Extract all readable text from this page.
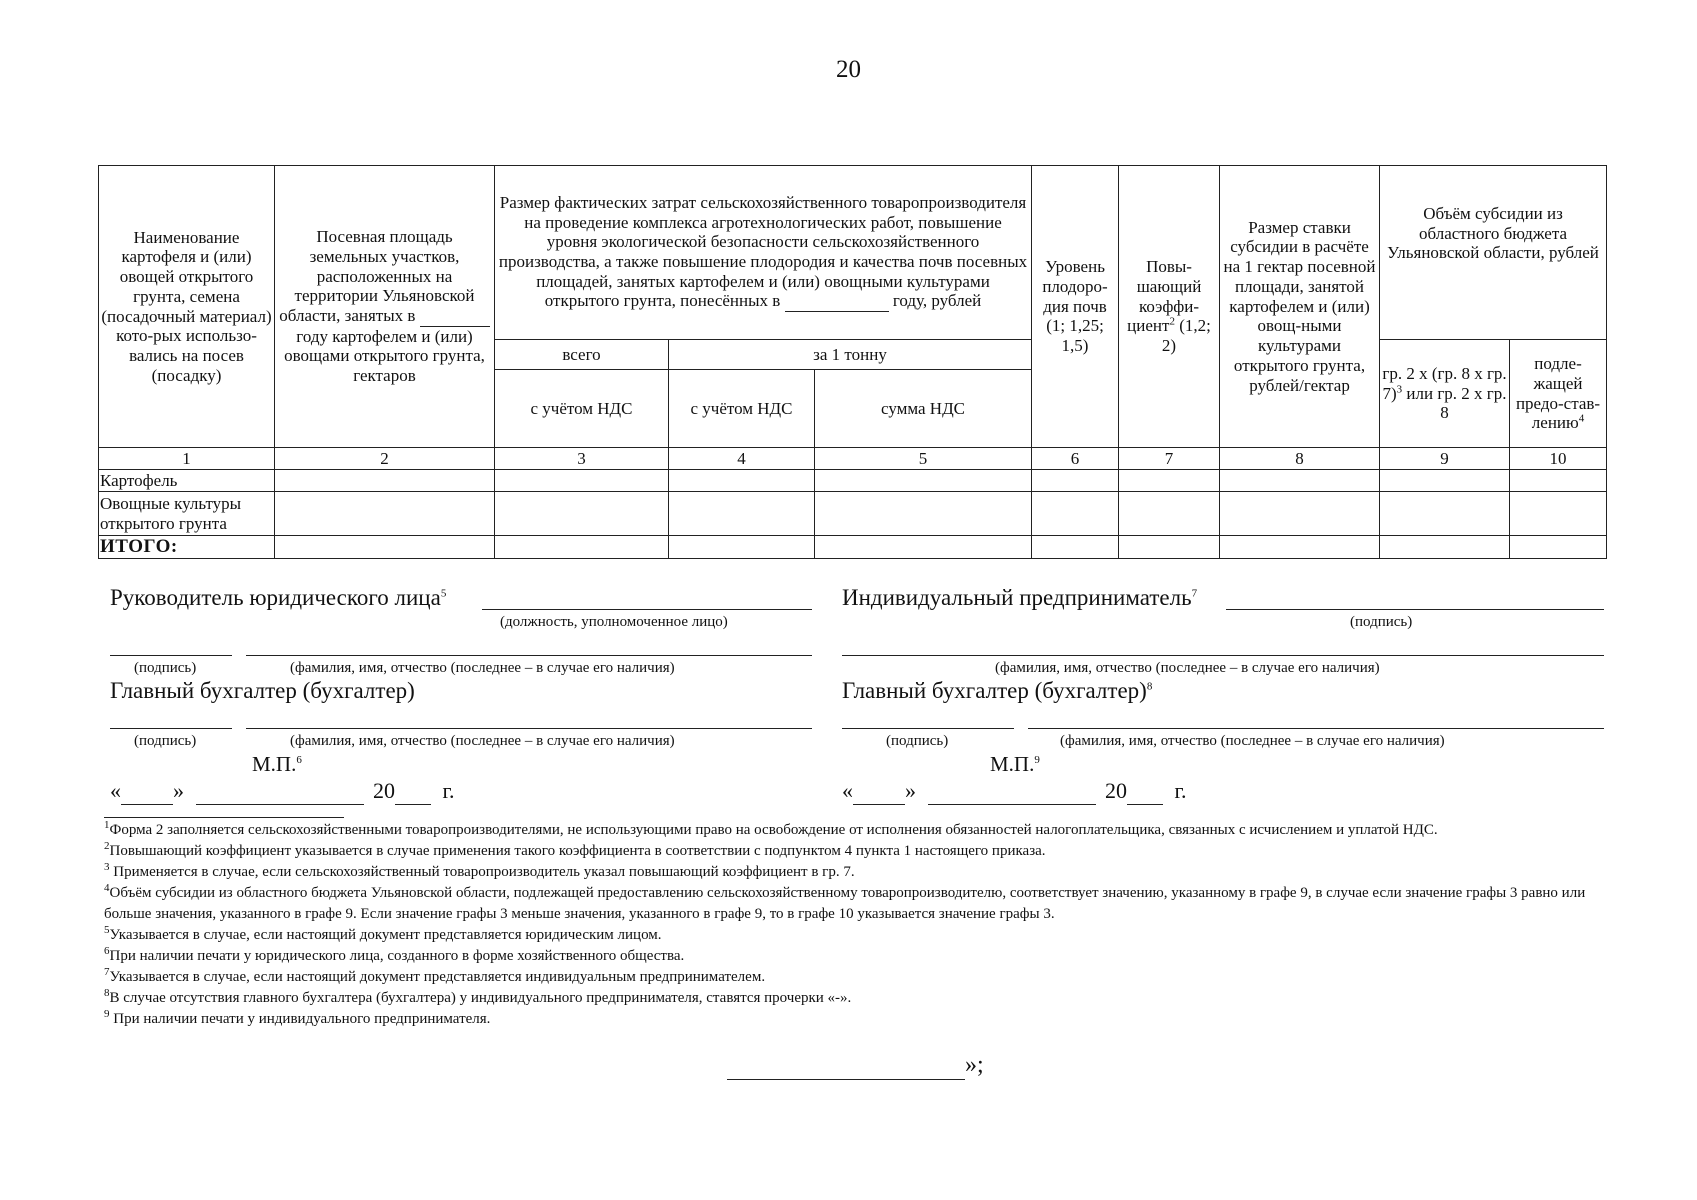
20
Наименование картофеля и (или) овощей открытого грунта, семена (посадочный материал) кото-рых использо-вались на посев (посадку)	Посевная площадь земельных участков, расположенных на территории Ульяновской области, занятых в   году картофелем и (или) овощами открытого грунта, гектаров	Размер фактических затрат сельскохозяйственного товаропроизводителя на проведение комплекса агротехнологических работ, повышение уровня экологической безопасности сельскохозяйственного производства, а также повышение плодородия и качества почв посевных площадей, занятых картофелем и (или) овощными культурами открытого грунта, понесённых в году, рублей			Уровень плодоро-дия почв (1; 1,25; 1,5)	Повы-шающий коэффи-циент$^2$ (1,2; 2)	Размер ставки субсидии в расчёте на 1 гектар посевной площади, занятой картофелем и (или) овощ-ными культурами открытого грунта, рублей/гектар	Объём субсидии из областного бюджета Ульяновской области, рублей	
		всего	за 1 тонну					гр. 2 х (гр. 8 х гр. 7)$^3$ или гр. 2 х гр. 8	подле-жащей предо-став-лению$^4$
		с учётом НДС	с учётом НДС	сумма НДС					
1	2	3	4	5	6	7	8	9	10
Картофель									
Овощные культуры открытого грунта									
ИТОГО:									
Руководитель юридического лица$^5$
(должность, уполномоченное лицо)
(подпись)	(фамилия, имя, отчество (последнее – в случае его наличия)
Главный бухгалтер (бухгалтер)
(подпись)	(фамилия, имя, отчество (последнее – в случае его наличия)
М.П.$^6$
« »	20 г.
Индивидуальный предприниматель$^7$
(подпись)
(фамилия, имя, отчество (последнее – в случае его наличия)
Главный бухгалтер (бухгалтер)$^8$
(подпись)	(фамилия, имя, отчество (последнее – в случае его наличия)
М.П.$^9$
« »	20 г.

$^1$Форма 2 заполняется сельскохозяйственными товаропроизводителями, не использующими право на освобождение от исполнения обязанностей налогоплательщика, связанных с исчислением и уплатой НДС.

$^2$Повышающий коэффициент указывается в случае применения такого коэффициента в соответствии с подпунктом 4 пункта 1 настоящего приказа.

$^3$ Применяется в случае, если сельскохозяйственный товаропроизводитель указал повышающий коэффициент в гр. 7.

$^4$Объём субсидии из областного бюджета Ульяновской области, подлежащей предоставлению сельскохозяйственному товаропроизводителю, соответствует значению, указанному в графе 9, в случае если значение графы 3 равно или больше значения, указанного в графе 9. Если значение графы 3 меньше значения, указанного в графе 9, то в графе 10 указывается значение графы 3.

$^5$Указывается в случае, если настоящий документ представляется юридическим лицом.

$^6$При наличии печати у юридического лица, созданного в форме хозяйственного общества.

$^7$Указывается в случае, если настоящий документ представляется индивидуальным предпринимателем.

$^8$В случае отсутствия главного бухгалтера (бухгалтера) у индивидуального предпринимателя, ставятся прочерки «-».

$^9$ При наличии печати у индивидуального предпринимателя.

»;
